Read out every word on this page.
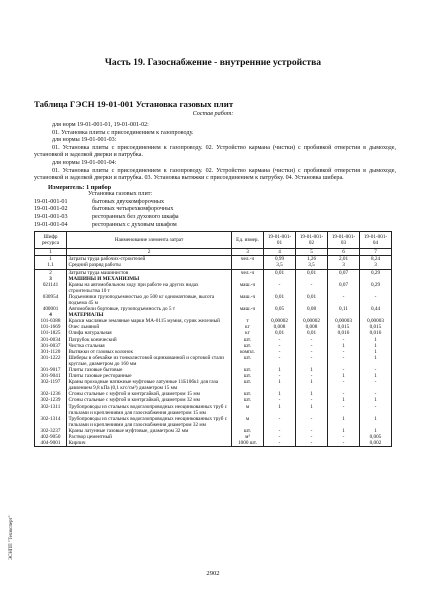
Часть 19. Газоснабжение - внутренние устройства
Таблица ГЭСН 19-01-001 Установка газовых плит
Состав работ:

для норм 19-01-001-01, 19-01-001-02:

01. Установка плиты с присоединением к газопроводу.

для нормы 19-01-001-03:

01. Установка плиты с присоединением к газопроводу. 02. Устройство кармана (чистки) с пробивкой отверстия в дымоходе, установкой и заделкой дверки и патрубка.

для нормы 19-01-001-04:

01. Установка плиты с присоединением к газопроводу. 02. Устройство кармана (чистки) с пробивкой отверстия в дымоходе, установкой и заделкой дверки и патрубка. 03. Установка вытяжки с присоединением к патрубку. 04. Установка шибера.

Измеритель: 1 прибор
Установка газовых плит:
19-01-001-01	бытовых двухкомфорочных
19-01-001-02	бытовых четырехкомфорочных
19-01-001-03	ресторанных без духового шкафа
19-01-001-04	ресторанных с духовым шкафом
Шифр ресурса	Наименование элемента затрат	Ед. измер.	19-01-001-01	19-01-001-02	19-01-001-03	19-01-001-04
1	2	3	4	5	6	7
1	Затраты труда рабочих-строителей	чел.-ч	0,99	1,26	2,01	8,24
1.1	Средний разряд работы		3,5	3,5	3	3
2	Затраты труда машинистов	чел.-ч	0,01	0,01	0,07	0,29
3	МАШИНЫ И МЕХАНИЗМЫ					
021141	Краны на автомобильном ходу при работе на других видах строительства 10 т	маш.-ч	-	-	0,07	0,29
030954	Подъемники грузоподъемностью до 500 кг одномачтовые, высота подъема 45 м	маш.-ч	0,01	0,01	-	-
400001	Автомобили бортовые, грузоподъемность до 5 т	маш.-ч	0,05	0,08	0,11	0,44
4	МАТЕРИАЛЫ					
101-0388	Краски масляные земляные марки МА-0115 мумия, сурик железный	т	0,00002	0,00002	0,00003	0,00003
101-1669	Очес льняной	кг	0,008	0,008	0,015	0,015
101-1825	Олифа натуральная	кг	0,01	0,01	0,016	0,016
301-0034	Патрубок конический	шт.	-	-	-	1
301-0037	Чистка стальная	шт.	-	-	1	1
301-1120	Вытяжки от газовых колонок	компл.	-	-	-	1
301-1222	Шиберы в обечайке из тонколистовой оцинкованной и сортовой стали круглые, диаметром до 160 мм	шт.	-	-	-	1
301-9017	Плиты газовые бытовые	шт.	1	1	-	-
301-9041	Плиты газовые ресторанные	шт.	-	-	1	1
302-1197	Краны проходные натяжные муфтовые латунные 11Б10бк1 для газа давлением 9,8 кПа (0,1 кгс/см²) диаметром 15 мм	шт.	1	1	-	-
302-1236	Сгоны стальные с муфтой и контргайкой, диаметром 15 мм	шт.	1	1	-	-
302-1239	Сгоны стальные с муфтой и контргайкой, диаметром 32 мм	шт.	-	-	1	1
302-1311	Трубопроводы из стальных водогазопроводных неоцинкованных труб с гильзами и креплениями для газоснабжения диаметром 15 мм	м	1	1	-	-
302-1314	Трубопроводы из стальных водогазопроводных неоцинкованных труб с гильзами и креплениями для газоснабжения диаметром 32 мм	м	-	-	1	1
302-3237	Краны латунные газовые муфтовые, диаметром 32 мм	шт.	-	-	1	1
402-9050	Раствор цементный	м³	-	-	-	0,005
404-9001	Кирпич	1000 шт.	-	-	-	0,002
ЭСНПП "Техэксперт"
2902
